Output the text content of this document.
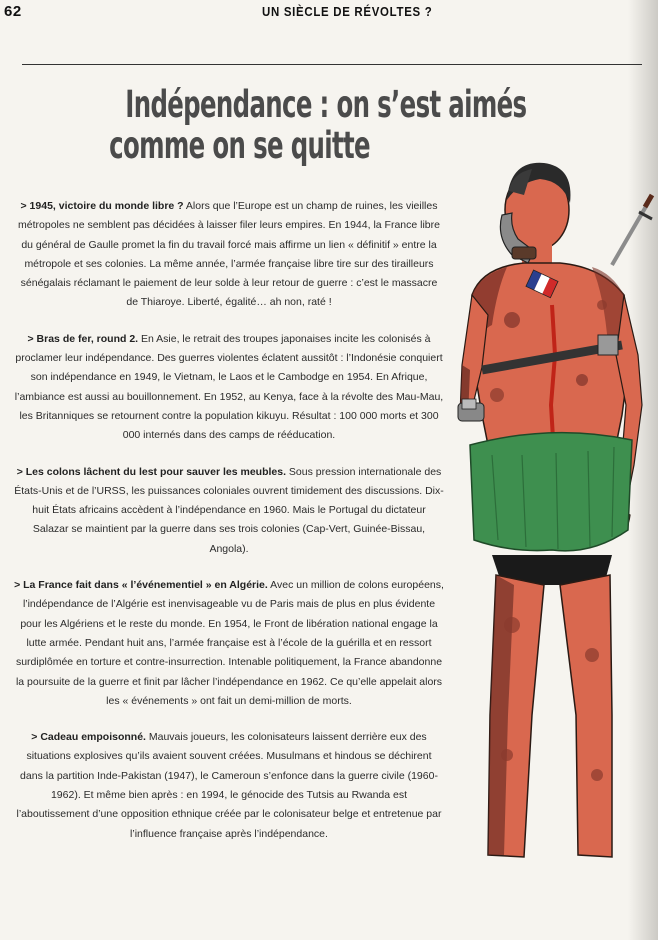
62	UN SIÈCLE DE RÉVOLTES ?
Indépendance : on s’est aimés
comme on se quitte

> 1945, victoire du monde libre ? Alors que l’Europe est un champ de ruines, les vieilles métropoles ne semblent pas décidées à laisser filer leurs empires. En 1944, la France libre du général de Gaulle promet la fin du travail forcé mais affirme un lien « définitif » entre la métropole et ses colonies. La même année, l’armée française libre tire sur des tirailleurs sénégalais réclamant le paiement de leur solde à leur retour de guerre : c’est le massacre de Thiaroye. Liberté, égalité… ah non, raté !

> Bras de fer, round 2. En Asie, le retrait des troupes japonaises incite les colonisés à proclamer leur indépendance. Des guerres violentes éclatent aussitôt : l’Indonésie conquiert son indépendance en 1949, le Vietnam, le Laos et le Cambodge en 1954. En Afrique, l’ambiance est aussi au bouillonnement. En 1952, au Kenya, face à la révolte des Mau-Mau, les Britanniques se retournent contre la population kikuyu. Résultat : 100 000 morts et 300 000 internés dans des camps de rééducation.

> Les colons lâchent du lest pour sauver les meubles. Sous pression internationale des États-Unis et de l’URSS, les puissances coloniales ouvrent timidement des discussions. Dix-huit États africains accèdent à l’indépendance en 1960. Mais le Portugal du dictateur Salazar se maintient par la guerre dans ses trois colonies (Cap-Vert, Guinée-Bissau, Angola).

> La France fait dans « l’événementiel » en Algérie. Avec un million de colons européens, l’indépendance de l’Algérie est inenvisageable vu de Paris mais de plus en plus évidente pour les Algériens et le reste du monde. En 1954, le Front de libération national engage la lutte armée. Pendant huit ans, l’armée française est à l’école de la guérilla et en ressort surdiplômée en torture et contre-insurrection. Intenable politiquement, la France abandonne la poursuite de la guerre et finit par lâcher l’indépendance en 1962. Ce qu’elle appelait alors les « événements » ont fait un demi-million de morts.

> Cadeau empoisonné. Mauvais joueurs, les colonisateurs laissent derrière eux des situations explosives qu’ils avaient souvent créées. Musulmans et hindous se déchirent dans la partition Inde-Pakistan (1947), le Cameroun s’enfonce dans la guerre civile (1960-1962). Et même bien après : en 1994, le génocide des Tutsis au Rwanda est l’aboutissement d’une opposition ethnique créée par le colonisateur belge et entretenue par l’influence française après l’indépendance.
